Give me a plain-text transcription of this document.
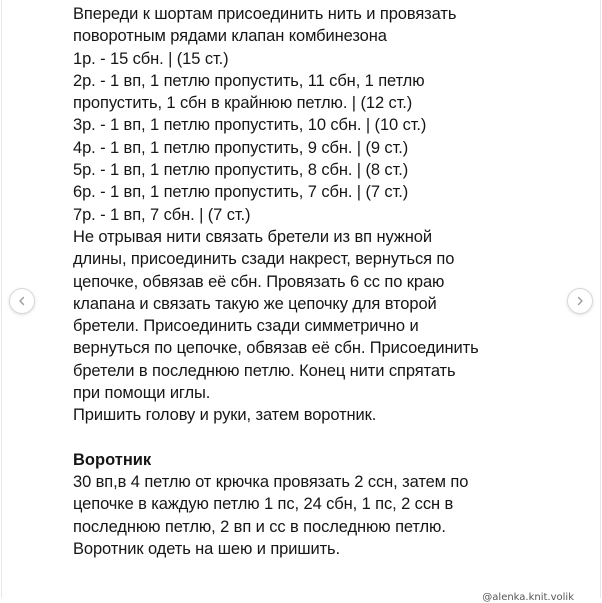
Впереди к шортам присоединить нить и провязать
поворотным рядами клапан комбинезона
1р. - 15 сбн. | (15 ст.)
2р. - 1 вп, 1 петлю пропустить, 11 сбн, 1 петлю
пропустить, 1 сбн в крайнюю петлю. | (12 ст.)
3р. - 1 вп, 1 петлю пропустить, 10 сбн. | (10 ст.)
4р. - 1 вп, 1 петлю пропустить, 9 сбн. | (9 ст.)
5р. - 1 вп, 1 петлю пропустить, 8 сбн. | (8 ст.)
6р. - 1 вп, 1 петлю пропустить, 7 сбн. | (7 ст.)
7р. - 1 вп, 7 сбн. | (7 ст.)
Не отрывая нити связать бретели из вп нужной
длины, присоединить сзади накрест, вернуться по
цепочке, обвязав её сбн. Провязать 6 сс по краю
клапана и связать такую же цепочку для второй
бретели. Присоединить сзади симметрично и
вернуться по цепочке, обвязав её сбн. Присоединить
бретели в последнюю петлю. Конец нити спрятать
при помощи иглы.
Пришить голову и руки, затем воротник.
Воротник
30 вп,в 4 петлю от крючка провязать 2 ссн, затем по
цепочке в каждую петлю 1 пс, 24 сбн, 1 пс, 2 ссн в
последнюю петлю, 2 вп и сс в последнюю петлю.
Воротник одеть на шею и пришить.
@alenka.knit.volik
